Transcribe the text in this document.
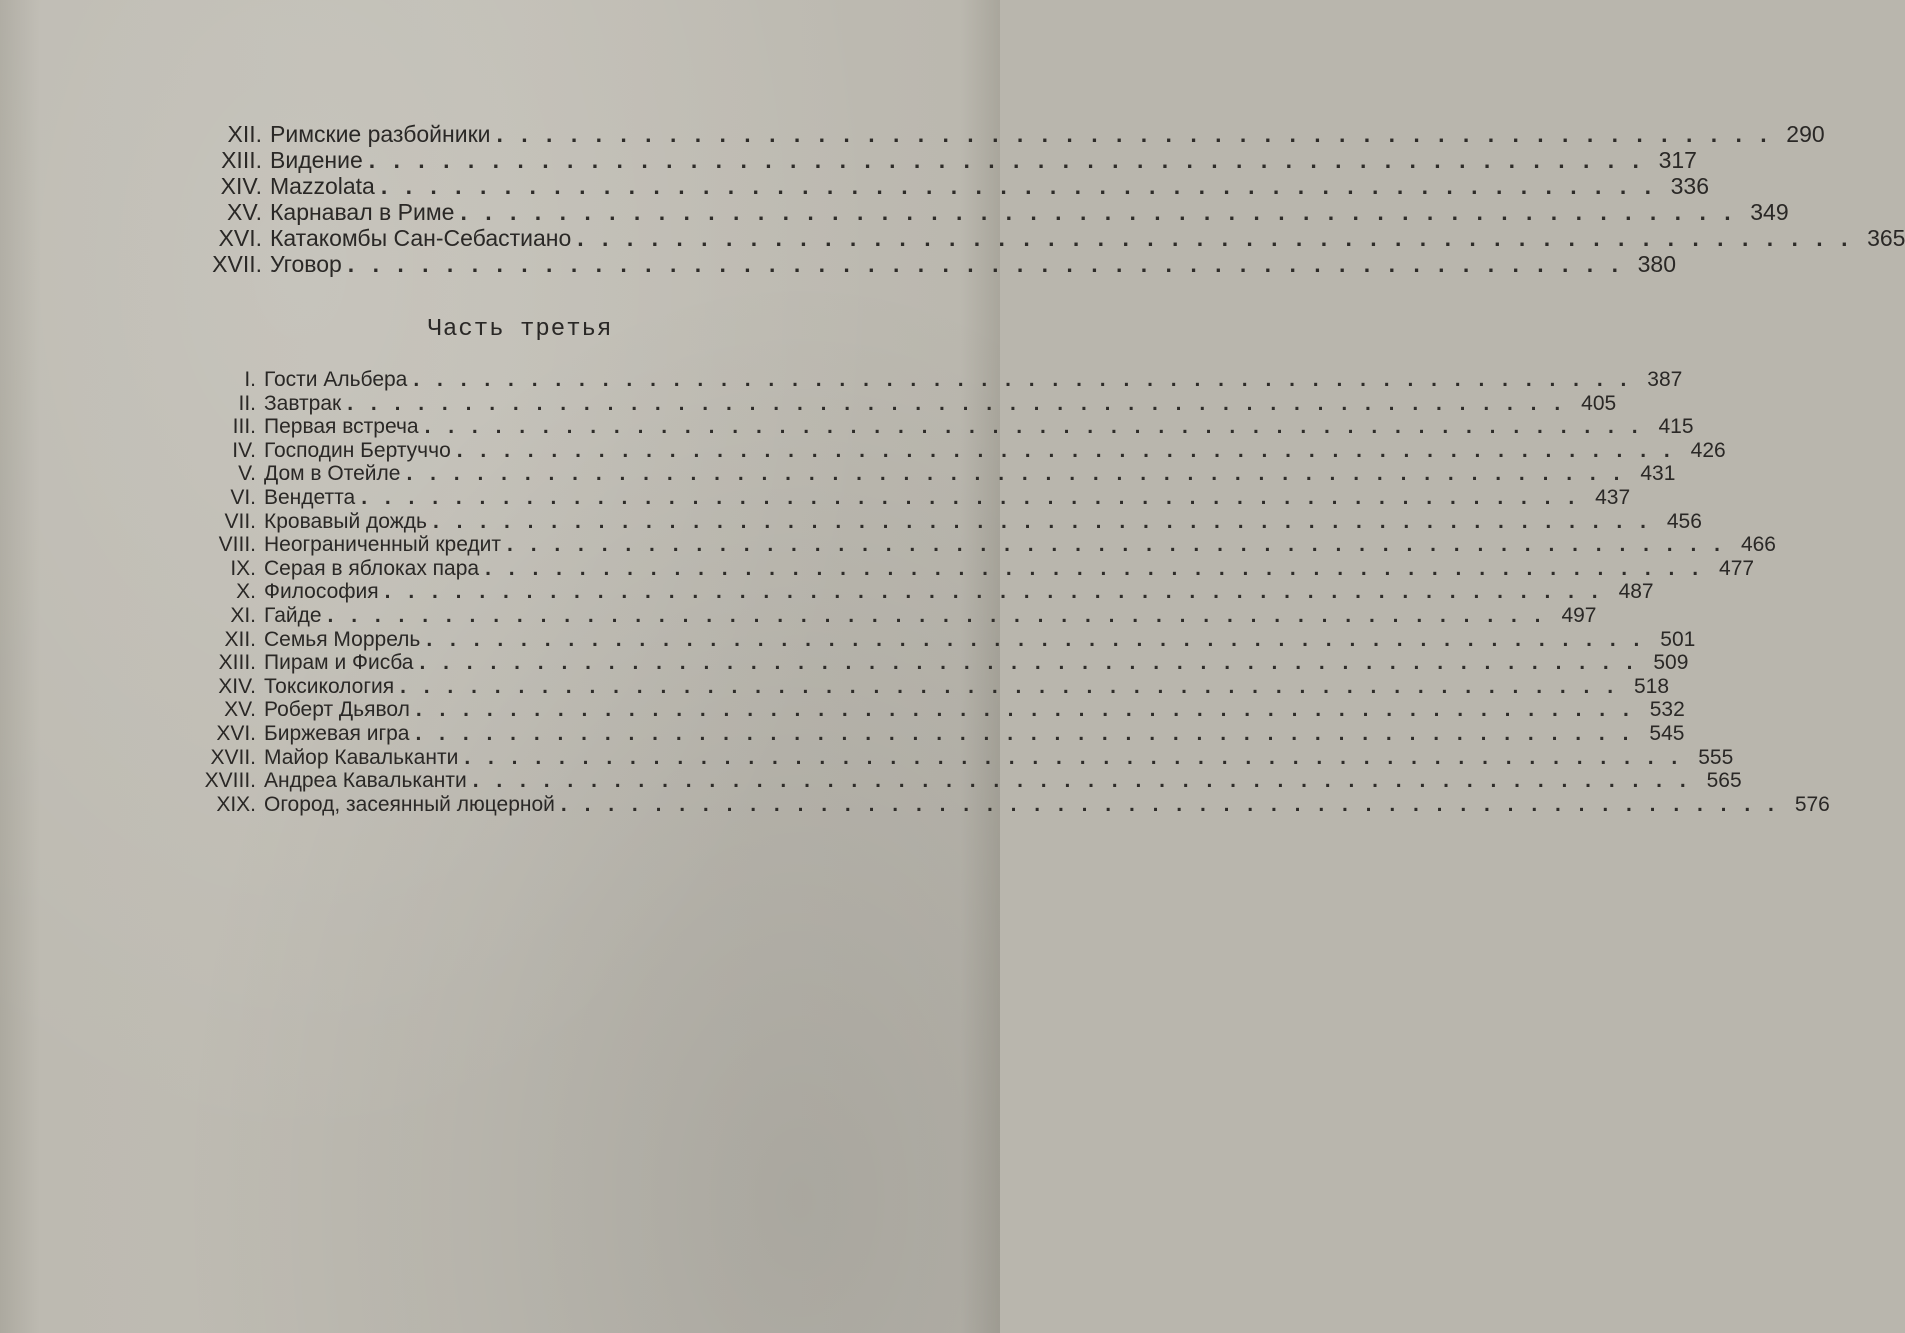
XII. Римские разбойники . . . . . . . . . . . . . . . . . . . . . . . . . . . . . . . . . . . . . . . . . . . . . . . . . . . . 290
XIII. Видение . . . . . . . . . . . . . . . . . . . . . . . . . . . . . . . . . . . . . . . . . . . . . . . . . . . . 317
XIV. Mazzolata . . . . . . . . . . . . . . . . . . . . . . . . . . . . . . . . . . . . . . . . . . . . . . . . . . . . 336
XV. Карнавал в Риме . . . . . . . . . . . . . . . . . . . . . . . . . . . . . . . . . . . . . . . . . . . . . . . . . . . . 349
XVI. Катакомбы Сан-Себастиано . . . . . . . . . . . . . . . . . . . . . . . . . . . . . . . . . . . . . . . . . . . . . . . . . . . . 365
XVII. Уговор . . . . . . . . . . . . . . . . . . . . . . . . . . . . . . . . . . . . . . . . . . . . . . . . . . . . 380
Часть третья
I. Гости Альбера . . . . . . . . . . . . . . . . . . . . . . . . . . . . . . . . . . . . . . . . . . . . . . . . . . . . 387
II. Завтрак . . . . . . . . . . . . . . . . . . . . . . . . . . . . . . . . . . . . . . . . . . . . . . . . . . . . 405
III. Первая встреча . . . . . . . . . . . . . . . . . . . . . . . . . . . . . . . . . . . . . . . . . . . . . . . . . . . . 415
IV. Господин Бертуччо . . . . . . . . . . . . . . . . . . . . . . . . . . . . . . . . . . . . . . . . . . . . . . . . . . . . 426
V. Дом в Отейле . . . . . . . . . . . . . . . . . . . . . . . . . . . . . . . . . . . . . . . . . . . . . . . . . . . . 431
VI. Вендетта . . . . . . . . . . . . . . . . . . . . . . . . . . . . . . . . . . . . . . . . . . . . . . . . . . . . 437
VII. Кровавый дождь . . . . . . . . . . . . . . . . . . . . . . . . . . . . . . . . . . . . . . . . . . . . . . . . . . . . 456
VIII. Неограниченный кредит . . . . . . . . . . . . . . . . . . . . . . . . . . . . . . . . . . . . . . . . . . . . . . . . . . . . 466
IX. Серая в яблоках пара . . . . . . . . . . . . . . . . . . . . . . . . . . . . . . . . . . . . . . . . . . . . . . . . . . . . 477
X. Философия . . . . . . . . . . . . . . . . . . . . . . . . . . . . . . . . . . . . . . . . . . . . . . . . . . . . 487
XI. Гайде . . . . . . . . . . . . . . . . . . . . . . . . . . . . . . . . . . . . . . . . . . . . . . . . . . . . 497
XII. Семья Моррель . . . . . . . . . . . . . . . . . . . . . . . . . . . . . . . . . . . . . . . . . . . . . . . . . . . . 501
XIII. Пирам и Фисба . . . . . . . . . . . . . . . . . . . . . . . . . . . . . . . . . . . . . . . . . . . . . . . . . . . . 509
XIV. Токсикология . . . . . . . . . . . . . . . . . . . . . . . . . . . . . . . . . . . . . . . . . . . . . . . . . . . . 518
XV. Роберт Дьявол . . . . . . . . . . . . . . . . . . . . . . . . . . . . . . . . . . . . . . . . . . . . . . . . . . . . 532
XVI. Биржевая игра . . . . . . . . . . . . . . . . . . . . . . . . . . . . . . . . . . . . . . . . . . . . . . . . . . . . 545
XVII. Майор Кавальканти . . . . . . . . . . . . . . . . . . . . . . . . . . . . . . . . . . . . . . . . . . . . . . . . . . . . 555
XVIII. Андреа Кавальканти . . . . . . . . . . . . . . . . . . . . . . . . . . . . . . . . . . . . . . . . . . . . . . . . . . . . 565
XIX. Огород, засеянный люцерной . . . . . . . . . . . . . . . . . . . . . . . . . . . . . . . . . . . . . . . . . . . . . . . . . . . . 576
